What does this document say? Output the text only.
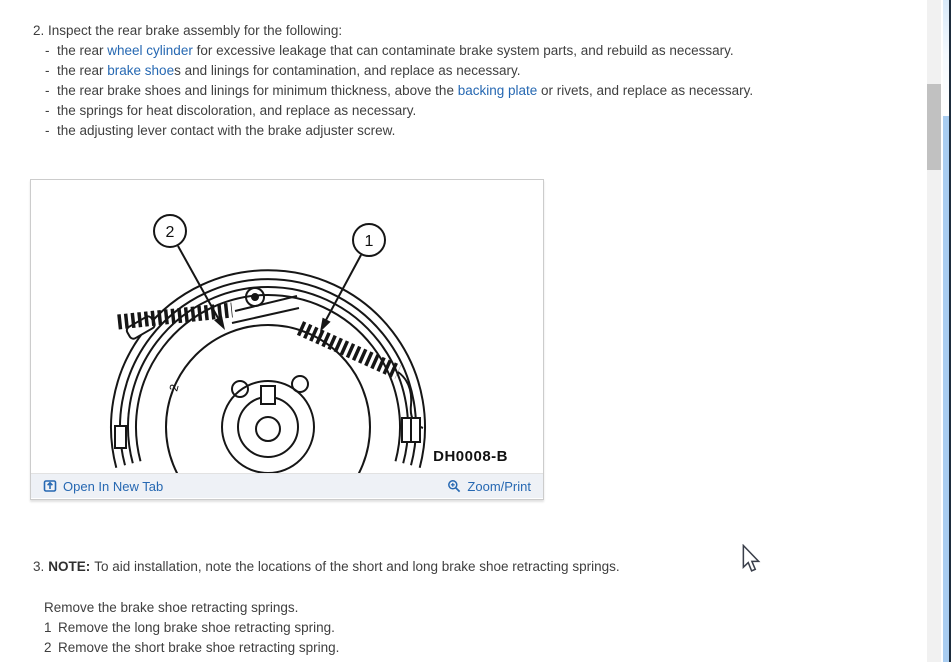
2. Inspect the rear brake assembly for the following:

- the rear wheel cylinder for excessive leakage that can contaminate brake system parts, and rebuild as necessary.
- the rear brake shoes and linings for contamination, and replace as necessary.
- the rear brake shoes and linings for minimum thickness, above the backing plate or rivets, and replace as necessary.
- the springs for heat discoloration, and replace as necessary.
- the adjusting lever contact with the brake adjuster screw.
2
1
2
DH0008-B
Open In New Tab	Zoom/Print

3. NOTE: To aid installation, note the locations of the short and long brake shoe retracting springs.

Remove the brake shoe retracting springs.

1 Remove the long brake shoe retracting spring.

2 Remove the short brake shoe retracting spring.
